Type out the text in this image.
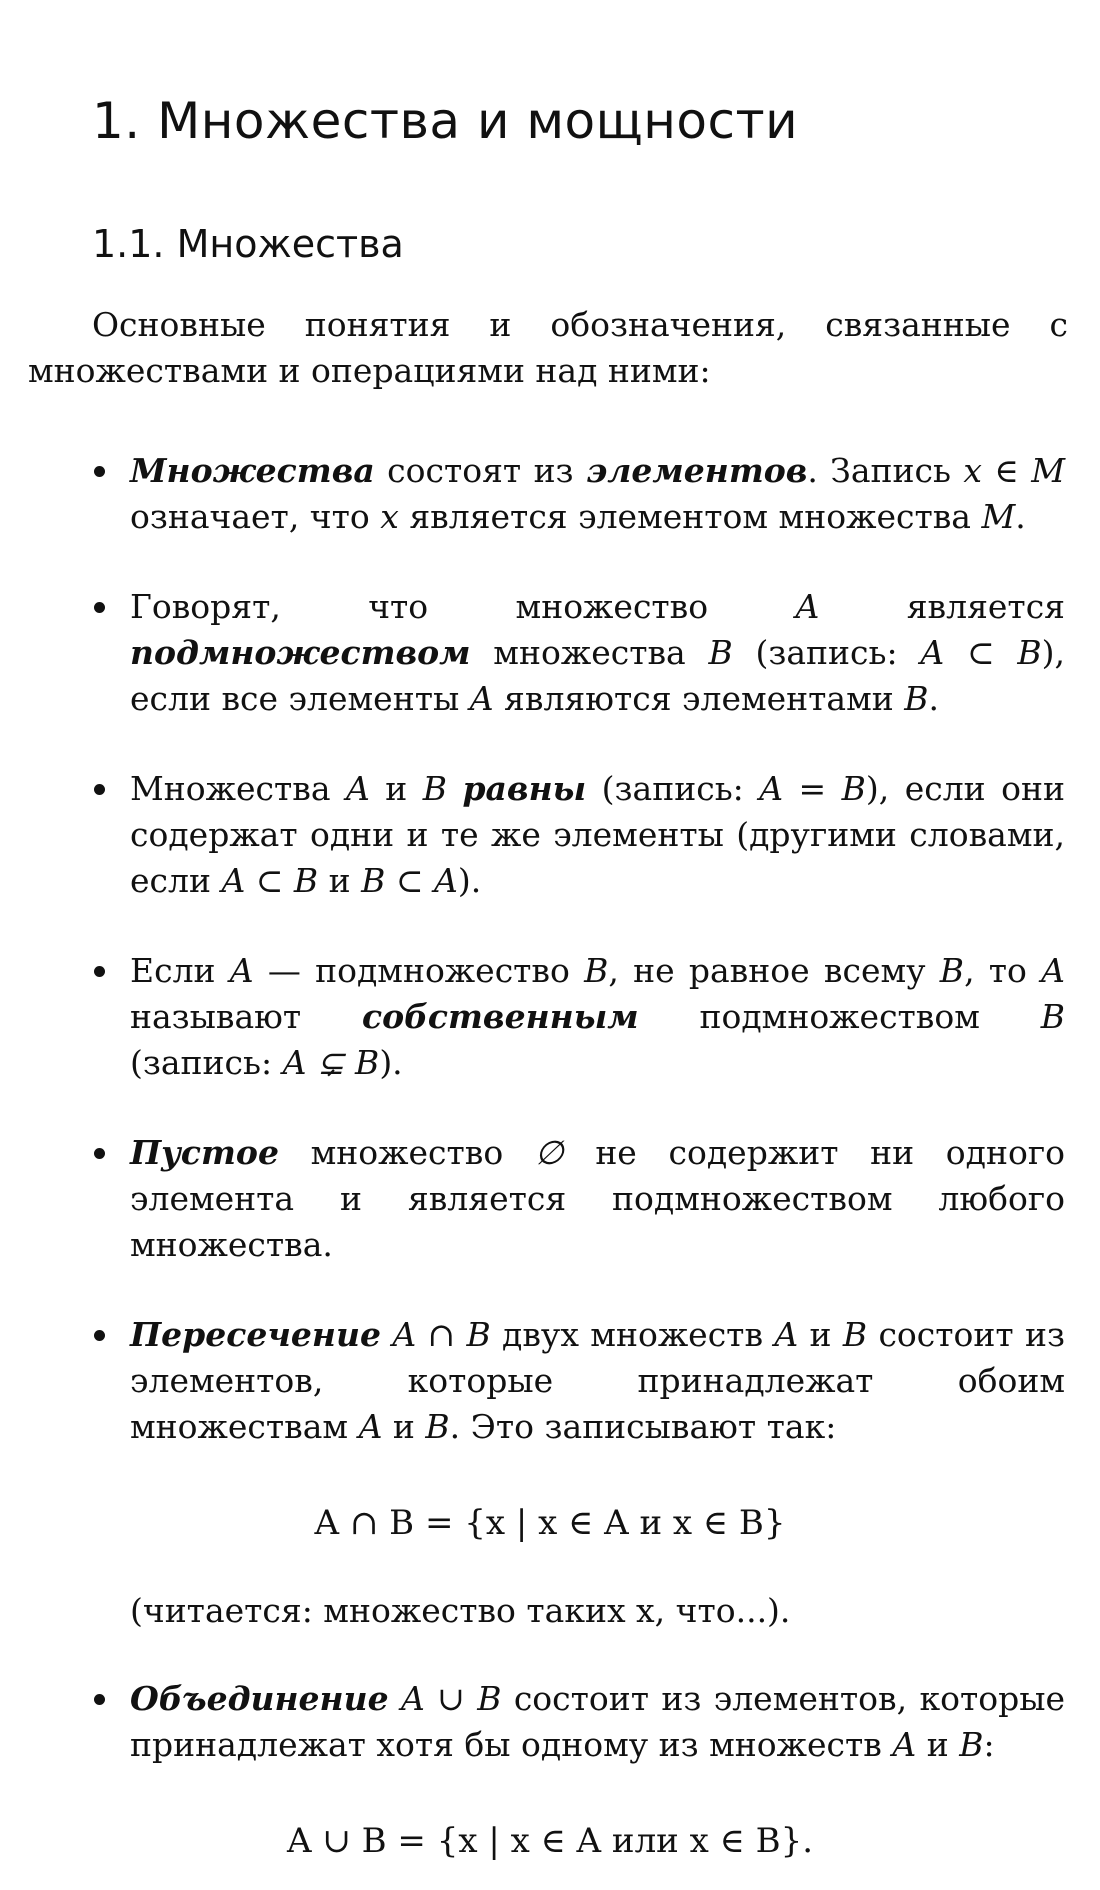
1. Множества и мощности
1.1. Множества

Основные понятия и обозначения, связанные с множествами и операциями над ними:

Множества состоят из элементов. Запись x ∈ M означает, что x является элементом множества M.
Говорят, что множество A является подмножеством множества B (запись: A ⊂ B), если все элементы A являются элементами B.
Множества A и B равны (запись: A = B), если они содержат одни и те же элементы (другими словами, если A ⊂ B и B ⊂ A).
Если A — подмножество B, не равное всему B, то A называют собственным подмножеством B (запись: A ⊊ B).
Пустое множество ∅ не содержит ни одного элемента и является подмножеством любого множества.
Пересечение A ∩ B двух множеств A и B состоит из элементов, которые принадлежат обоим множествам A и B. Это записывают так:
Объединение A ∪ B состоит из элементов, которые принадлежат хотя бы одному из множеств A и B:
A ∩ B = {x | x ∈ A и x ∈ B}
(читается: множество таких x, что...).
A ∪ B = {x | x ∈ A или x ∈ B}.
